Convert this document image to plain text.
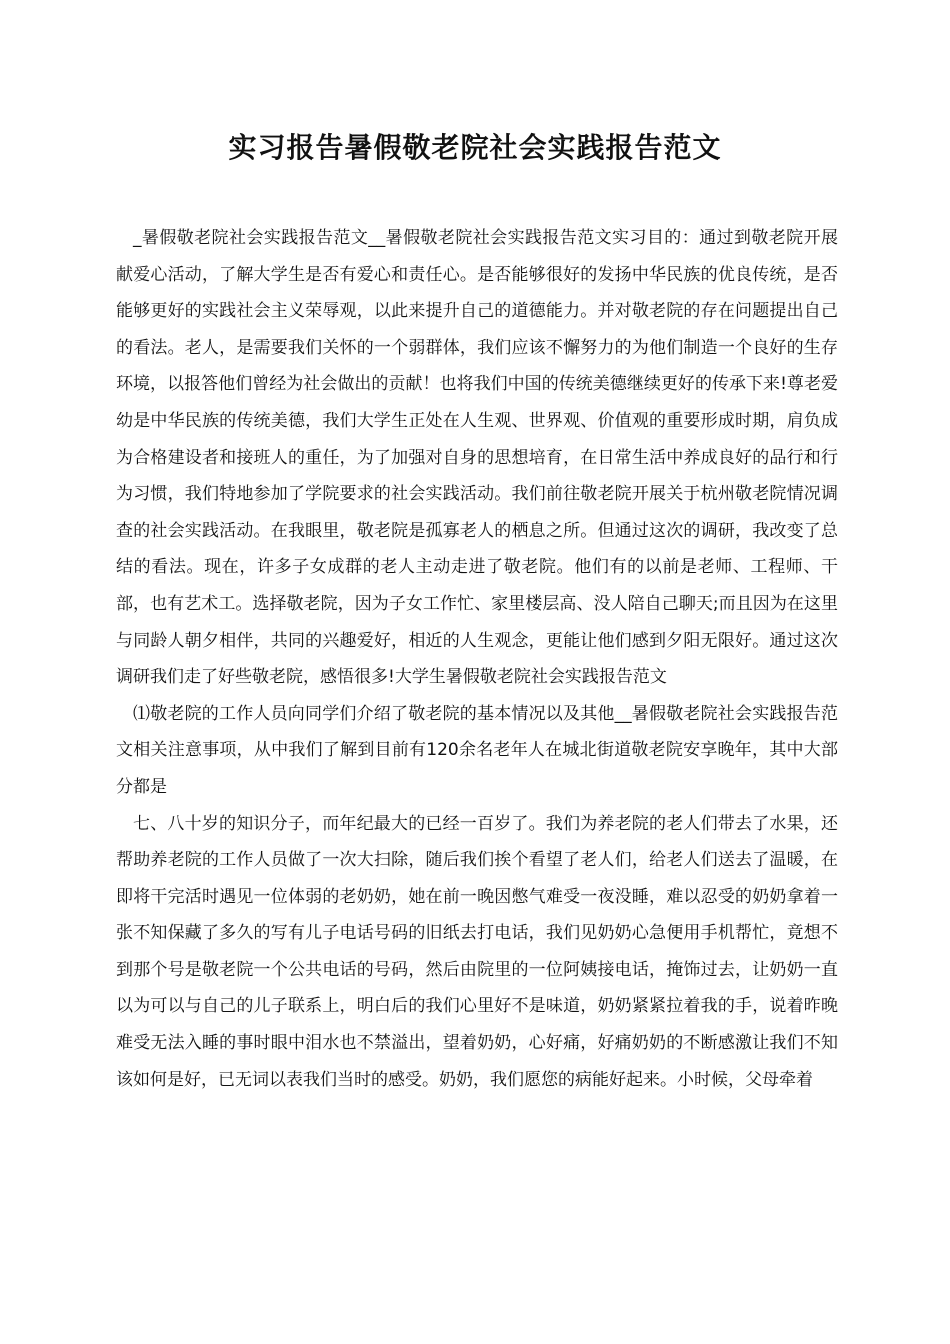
实习报告暑假敬老院社会实践报告范文

_暑假敬老院社会实践报告范文__暑假敬老院社会实践报告范文实习目的：通过到敬老院开展献爱心活动，了解大学生是否有爱心和责任心。是否能够很好的发扬中华民族的优良传统，是否能够更好的实践社会主义荣辱观，以此来提升自己的道德能力。并对敬老院的存在问题提出自己的看法。老人，是需要我们关怀的一个弱群体，我们应该不懈努力的为他们制造一个良好的生存环境，以报答他们曾经为社会做出的贡献！也将我们中国的传统美德继续更好的传承下来!尊老爱幼是中华民族的传统美德，我们大学生正处在人生观、世界观、价值观的重要形成时期，肩负成为合格建设者和接班人的重任，为了加强对自身的思想培育，在日常生活中养成良好的品行和行为习惯，我们特地参加了学院要求的社会实践活动。我们前往敬老院开展关于杭州敬老院情况调查的社会实践活动。在我眼里，敬老院是孤寡老人的栖息之所。但通过这次的调研，我改变了总结的看法。现在，许多子女成群的老人主动走进了敬老院。他们有的以前是老师、工程师、干部，也有艺术工。选择敬老院，因为子女工作忙、家里楼层高、没人陪自己聊天;而且因为在这里与同龄人朝夕相伴，共同的兴趣爱好，相近的人生观念，更能让他们感到夕阳无限好。通过这次调研我们走了好些敬老院，感悟很多!大学生暑假敬老院社会实践报告范文

⑴敬老院的工作人员向同学们介绍了敬老院的基本情况以及其他__暑假敬老院社会实践报告范文相关注意事项，从中我们了解到目前有120余名老年人在城北街道敬老院安享晚年，其中大部分都是

七、八十岁的知识分子，而年纪最大的已经一百岁了。我们为养老院的老人们带去了水果，还帮助养老院的工作人员做了一次大扫除，随后我们挨个看望了老人们，给老人们送去了温暖，在即将干完活时遇见一位体弱的老奶奶，她在前一晚因憋气难受一夜没睡，难以忍受的奶奶拿着一张不知保藏了多久的写有儿子电话号码的旧纸去打电话，我们见奶奶心急便用手机帮忙，竟想不到那个号是敬老院一个公共电话的号码，然后由院里的一位阿姨接电话，掩饰过去，让奶奶一直以为可以与自己的儿子联系上，明白后的我们心里好不是味道，奶奶紧紧拉着我的手，说着昨晚难受无法入睡的事时眼中泪水也不禁溢出，望着奶奶，心好痛，好痛奶奶的不断感激让我们不知该如何是好，已无词以表我们当时的感受。奶奶，我们愿您的病能好起来。小时候，父母牵着
